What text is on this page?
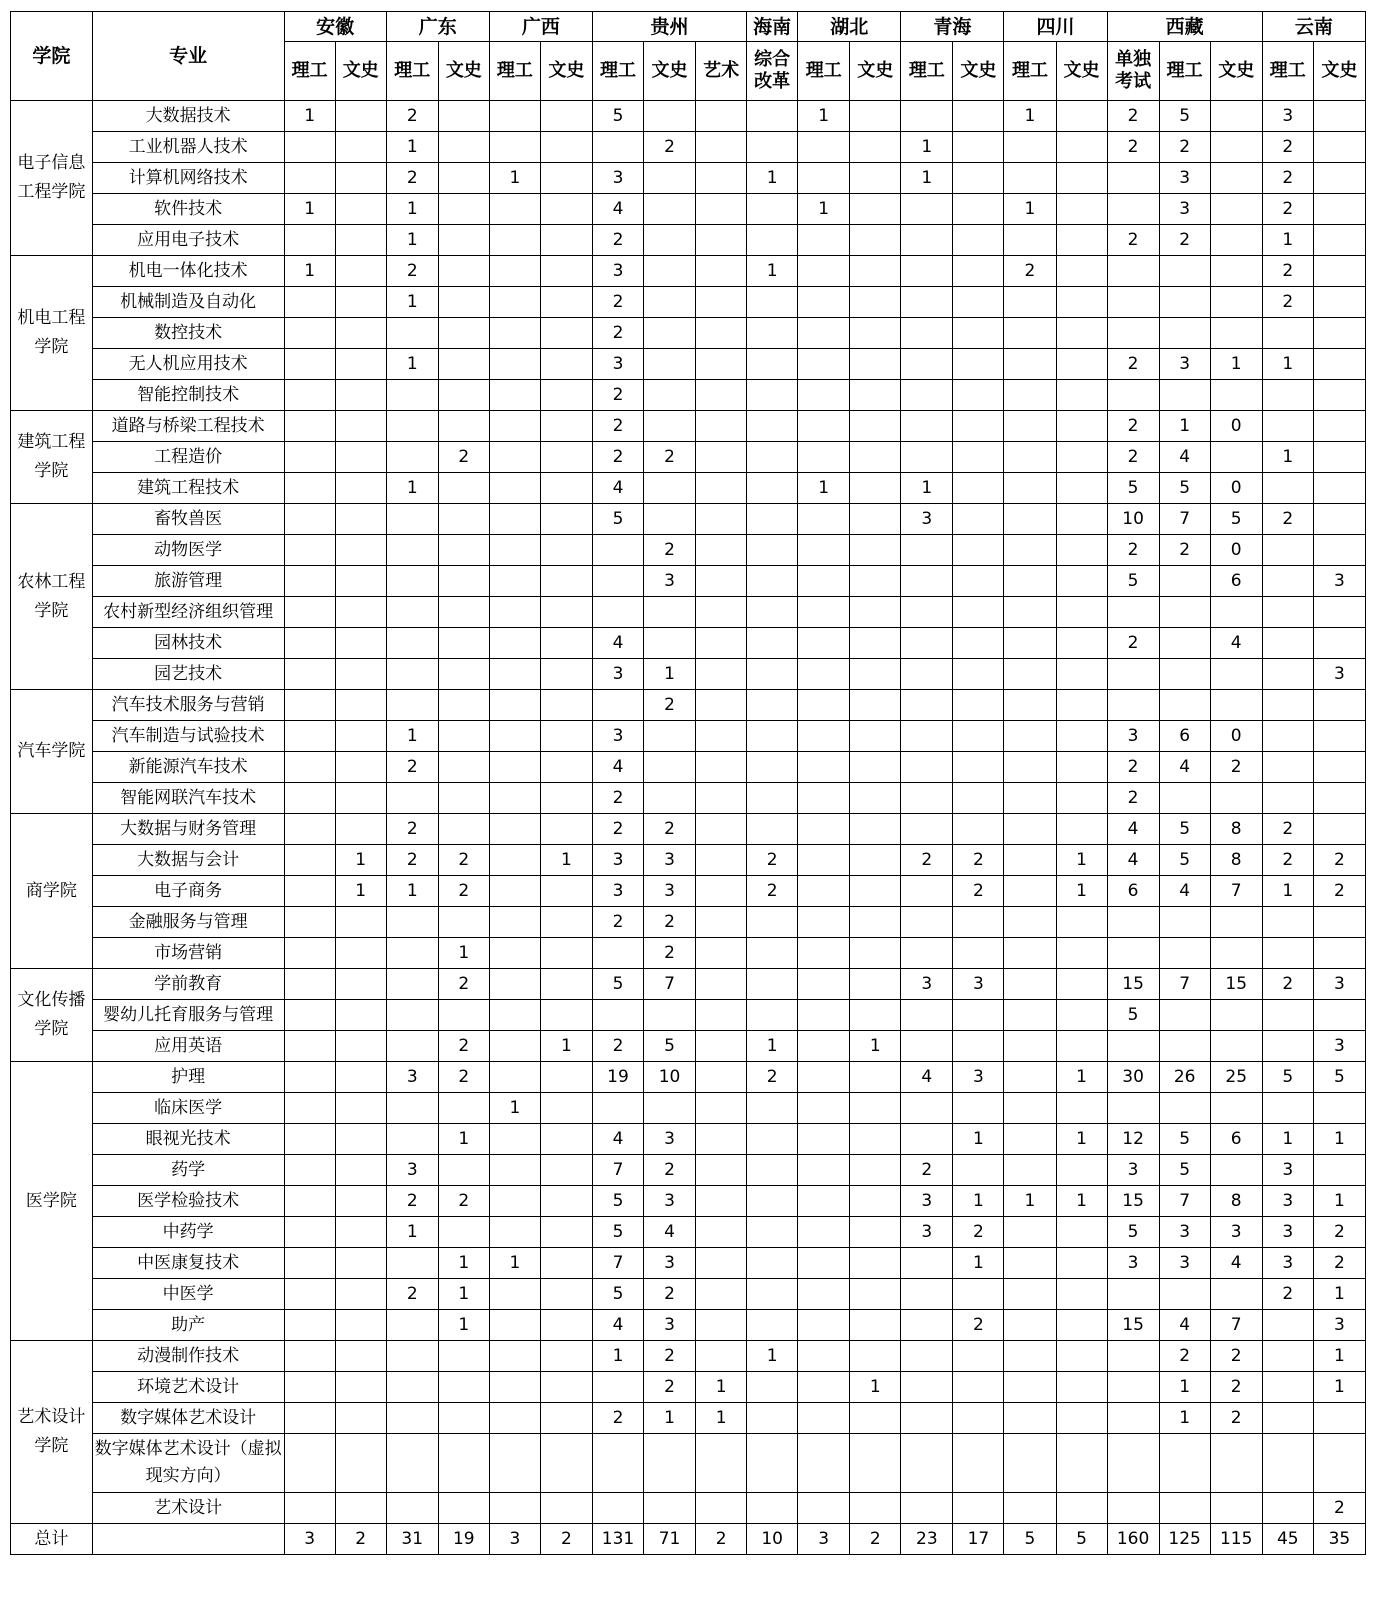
学院	专业	安徽		广东		广西		贵州			海南	湖北		青海		四川		西藏			云南	
		理工	文史	理工	文史	理工	文史	理工	文史	艺术	综合改革	理工	文史	理工	文史	理工	文史	单独考试	理工	文史	理工	文史
电子信息工程学院	大数据技术	1		2				5				1				1		2	5		3	
	工业机器人技术			1					2					1				2	2		2	
	计算机网络技术			2		1		3			1			1					3		2	
	软件技术	1		1				4				1				1			3		2	
	应用电子技术			1				2										2	2		1	
机电工程学院	机电一体化技术	1		2				3			1					2					2	
	机械制造及自动化			1				2													2	
	数控技术							2														
	无人机应用技术			1				3										2	3	1	1	
	智能控制技术							2														
建筑工程学院	道路与桥梁工程技术							2										2	1	0		
	工程造价				2			2	2									2	4		1	
	建筑工程技术			1				4				1		1				5	5	0		
农林工程学院	畜牧兽医							5						3				10	7	5	2	
	动物医学								2									2	2	0		
	旅游管理								3									5		6		3
	农村新型经济组织管理																					
	园林技术							4										2		4		
	园艺技术							3	1													3
汽车学院	汽车技术服务与营销								2													
	汽车制造与试验技术			1				3										3	6	0		
	新能源汽车技术			2				4										2	4	2		
	智能网联汽车技术							2										2				
商学院	大数据与财务管理			2				2	2									4	5	8	2	
	大数据与会计		1	2	2		1	3	3		2			2	2		1	4	5	8	2	2
	电子商务		1	1	2			3	3		2				2		1	6	4	7	1	2
	金融服务与管理							2	2													
	市场营销				1				2													
文化传播学院	学前教育				2			5	7					3	3			15	7	15	2	3
	婴幼儿托育服务与管理																	5				
	应用英语				2		1	2	5		1		1									3
医学院	护理			3	2			19	10		2			4	3		1	30	26	25	5	5
	临床医学					1																
	眼视光技术				1			4	3						1		1	12	5	6	1	1
	药学			3				7	2					2				3	5		3	
	医学检验技术			2	2			5	3					3	1	1	1	15	7	8	3	1
	中药学			1				5	4					3	2			5	3	3	3	2
	中医康复技术				1	1		7	3						1			3	3	4	3	2
	中医学			2	1			5	2												2	1
	助产				1			4	3						2			15	4	7		3
艺术设计学院	动漫制作技术							1	2		1								2	2		1
	环境艺术设计								2	1			1						1	2		1
	数字媒体艺术设计							2	1	1									1	2		
	数字媒体艺术设计（虚拟现实方向）																					
	艺术设计																					2
总计		3	2	31	19	3	2	131	71	2	10	3	2	23	17	5	5	160	125	115	45	35
